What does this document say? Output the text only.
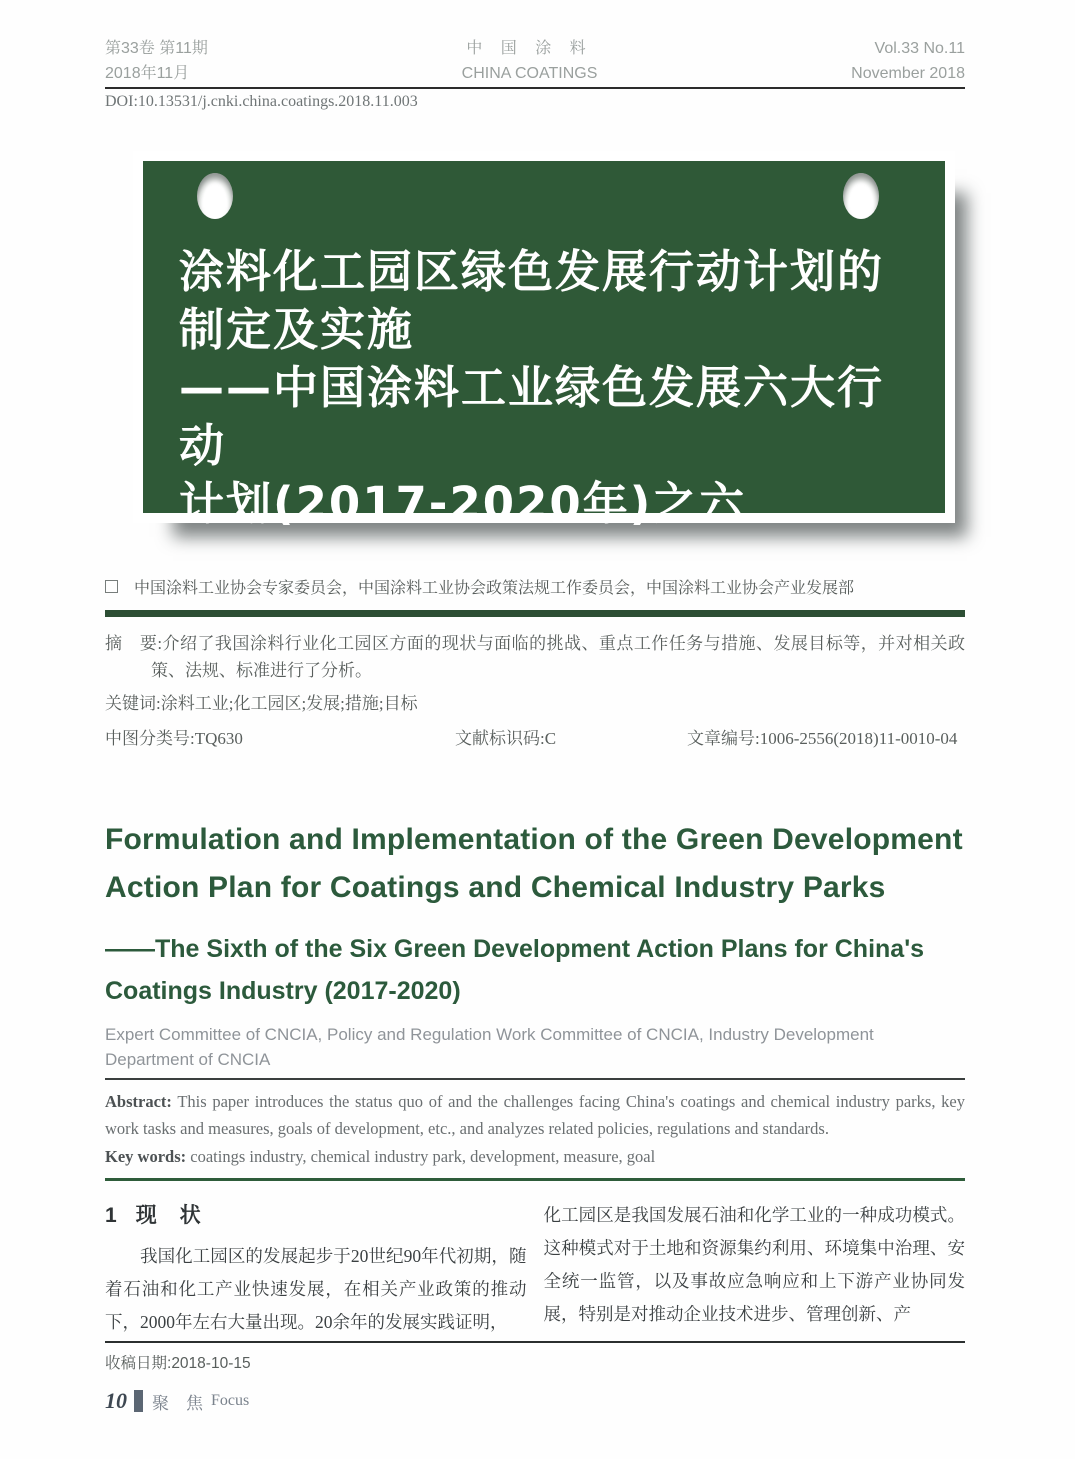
第33卷 第11期
2018年11月
中 国 涂 料
CHINA COATINGS
Vol.33 No.11
November 2018
DOI:10.13531/j.cnki.china.coatings.2018.11.003
涂料化工园区绿色发展行动计划的
制定及实施
——中国涂料工业绿色发展六大行动
计划(2017-2020年)之六
中国涂料工业协会专家委员会，中国涂料工业协会政策法规工作委员会，中国涂料工业协会产业发展部
摘　要:介绍了我国涂料行业化工园区方面的现状与面临的挑战、重点工作任务与措施、发展目标等，并对相关政策、法规、标准进行了分析。
关键词:涂料工业;化工园区;发展;措施;目标
中图分类号:TQ630	文献标识码:C	文章编号:1006-2556(2018)11-0010-04
Formulation and Implementation of the Green Development
Action Plan for Coatings and Chemical Industry Parks
——The Sixth of the Six Green Development Action Plans for China's
Coatings Industry (2017-2020)
Expert Committee of CNCIA, Policy and Regulation Work Committee of CNCIA, Industry Development
Department of CNCIA
Abstract: This paper introduces the status quo of and the challenges facing China's coatings and chemical industry parks, key work tasks and measures, goals of development, etc., and analyzes related policies, regulations and standards.
Key words: coatings industry, chemical industry park, development, measure, goal
1 现　状

我国化工园区的发展起步于20世纪90年代初期，随着石油和化工产业快速发展，在相关产业政策的推动下，2000年左右大量出现。20余年的发展实践证明，

化工园区是我国发展石油和化学工业的一种成功模式。这种模式对于土地和资源集约利用、环境集中治理、安全统一监管，以及事故应急响应和上下游产业协同发展，特别是对推动企业技术进步、管理创新、产

收稿日期:2018-10-15
10 聚　焦 Focus
